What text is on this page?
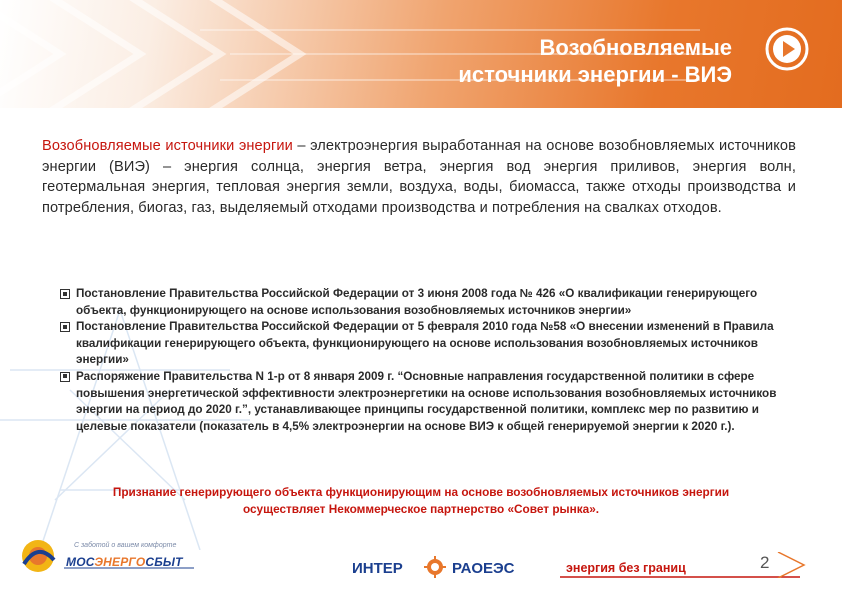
Возобновляемые
источники энергии - ВИЭ
Возобновляемые источники энергии – электроэнергия выработанная на основе возобновляемых источников энергии (ВИЭ) – энергия солнца, энергия ветра, энергия вод энергия приливов, энергия волн, геотермальная энергия, тепловая энергия земли, воздуха, воды, биомасса, также отходы производства и потребления, биогаз, газ, выделяемый отходами производства и потребления на свалках отходов.
Постановление Правительства Российской Федерации от 3 июня 2008 года № 426 «О квалификации генерирующего объекта, функционирующего на основе использования возобновляемых источников энергии»
Постановление Правительства Российской Федерации от 5 февраля 2010 года №58 «О внесении изменений в Правила квалификации генерирующего объекта, функционирующего на основе использования возобновляемых источников энергии»
Распоряжение Правительства N 1-р от 8 января 2009 г. “Основные направления государственной политики в сфере повышения энергетической эффективности электроэнергетики на основе использования возобновляемых источников энергии на период до 2020 г.”, устанавливающее принципы государственной политики, комплекс мер по развитию и целевые показатели (показатель в 4,5% электроэнергии на основе ВИЭ к общей генерируемой энергии к 2020 г.).
Признание генерирующего объекта функционирующим на основе возобновляемых источников энергии
осуществляет Некоммерческое партнерство «Совет рынка».
С заботой о вашем комфорте
МОСЭНЕРГОСБЫТ	ИНТЕР	РАОЕЭС	энергия без границ	2
